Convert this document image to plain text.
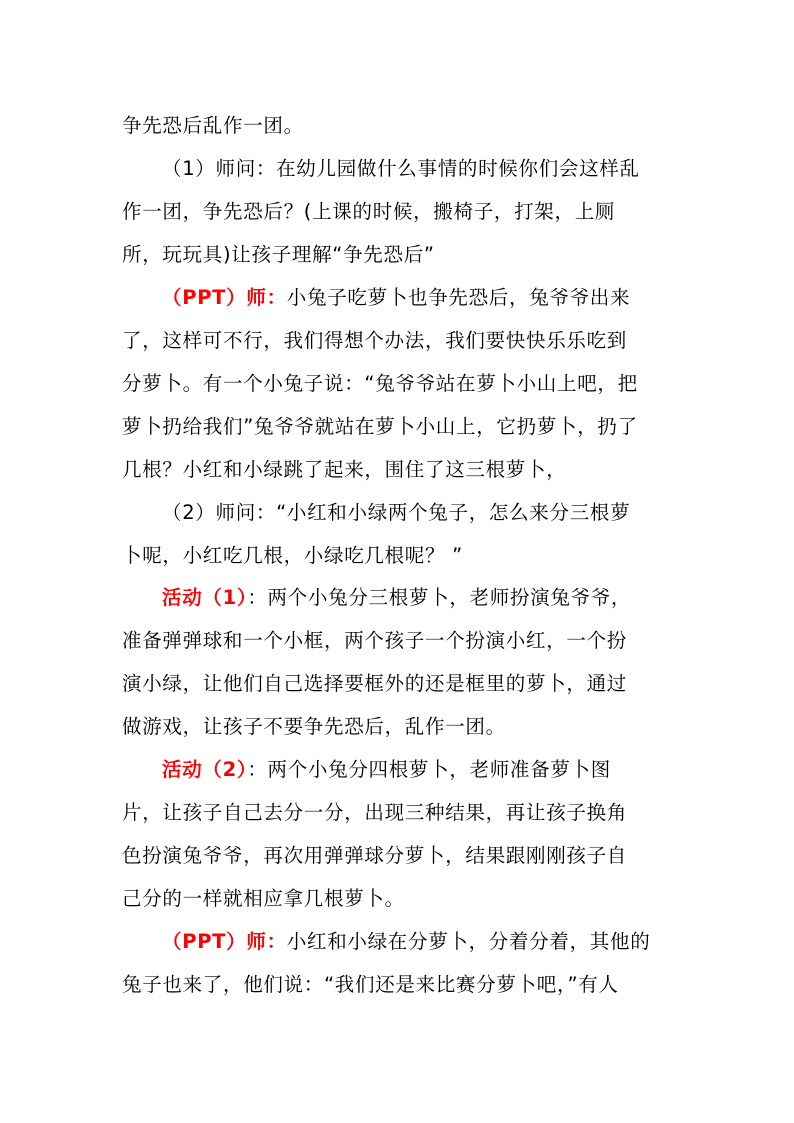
争先恐后乱作一团。

（1）师问：在幼儿园做什么事情的时候你们会这样乱

作一团，争先恐后？(上课的时候，搬椅子，打架，上厕

所，玩玩具)让孩子理解“争先恐后”

（PPT）师：小兔子吃萝卜也争先恐后，兔爷爷出来

了，这样可不行，我们得想个办法，我们要快快乐乐吃到

分萝卜。有一个小兔子说：“兔爷爷站在萝卜小山上吧，把

萝卜扔给我们”兔爷爷就站在萝卜小山上，它扔萝卜，扔了

几根？小红和小绿跳了起来，围住了这三根萝卜，

（2）师问：“小红和小绿两个兔子，怎么来分三根萝

卜呢，小红吃几根，小绿吃几根呢？ ”

活动（1）：两个小兔分三根萝卜，老师扮演兔爷爷，

准备弹弹球和一个小框，两个孩子一个扮演小红，一个扮

演小绿，让他们自己选择要框外的还是框里的萝卜，通过

做游戏，让孩子不要争先恐后，乱作一团。

活动（2）：两个小兔分四根萝卜，老师准备萝卜图

片，让孩子自己去分一分，出现三种结果，再让孩子换角

色扮演兔爷爷，再次用弹弹球分萝卜，结果跟刚刚孩子自

己分的一样就相应拿几根萝卜。

（PPT）师：小红和小绿在分萝卜，分着分着，其他的

兔子也来了，他们说：“我们还是来比赛分萝卜吧，”有人
